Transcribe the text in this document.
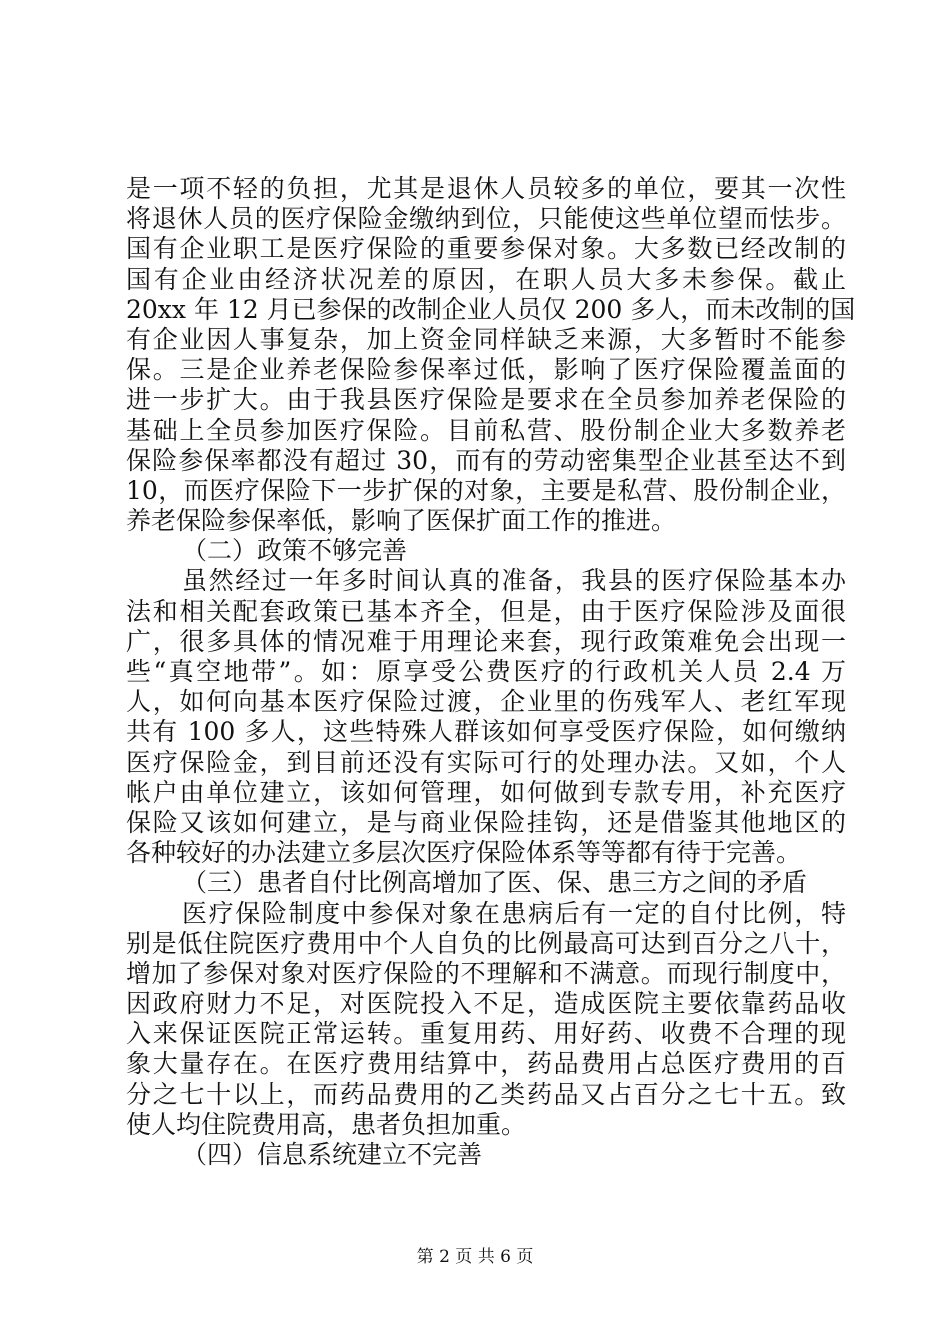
是一项不轻的负担，尤其是退休人员较多的单位，要其一次性
将退休人员的医疗保险金缴纳到位，只能使这些单位望而怯步。
国有企业职工是医疗保险的重要参保对象。大多数已经改制的
国有企业由经济状况差的原因，在职人员大多未参保。截止
20xx 年 12 月已参保的改制企业人员仅 200 多人，而未改制的国
有企业因人事复杂，加上资金同样缺乏来源，大多暂时不能参
保。三是企业养老保险参保率过低，影响了医疗保险覆盖面的
进一步扩大。由于我县医疗保险是要求在全员参加养老保险的
基础上全员参加医疗保险。目前私营、股份制企业大多数养老
保险参保率都没有超过 30，而有的劳动密集型企业甚至达不到
10，而医疗保险下一步扩保的对象，主要是私营、股份制企业，
养老保险参保率低，影响了医保扩面工作的推进。
（二）政策不够完善
虽然经过一年多时间认真的准备，我县的医疗保险基本办
法和相关配套政策已基本齐全，但是，由于医疗保险涉及面很
广，很多具体的情况难于用理论来套，现行政策难免会出现一
些“真空地带”。如：原享受公费医疗的行政机关人员 2.4 万
人，如何向基本医疗保险过渡，企业里的伤残军人、老红军现
共有 100 多人，这些特殊人群该如何享受医疗保险，如何缴纳
医疗保险金，到目前还没有实际可行的处理办法。又如，个人
帐户由单位建立，该如何管理，如何做到专款专用，补充医疗
保险又该如何建立，是与商业保险挂钩，还是借鉴其他地区的
各种较好的办法建立多层次医疗保险体系等等都有待于完善。
（三）患者自付比例高增加了医、保、患三方之间的矛盾
医疗保险制度中参保对象在患病后有一定的自付比例，特
别是低住院医疗费用中个人自负的比例最高可达到百分之八十，
增加了参保对象对医疗保险的不理解和不满意。而现行制度中，
因政府财力不足，对医院投入不足，造成医院主要依靠药品收
入来保证医院正常运转。重复用药、用好药、收费不合理的现
象大量存在。在医疗费用结算中，药品费用占总医疗费用的百
分之七十以上，而药品费用的乙类药品又占百分之七十五。致
使人均住院费用高，患者负担加重。
（四）信息系统建立不完善
第 2 页 共 6 页
